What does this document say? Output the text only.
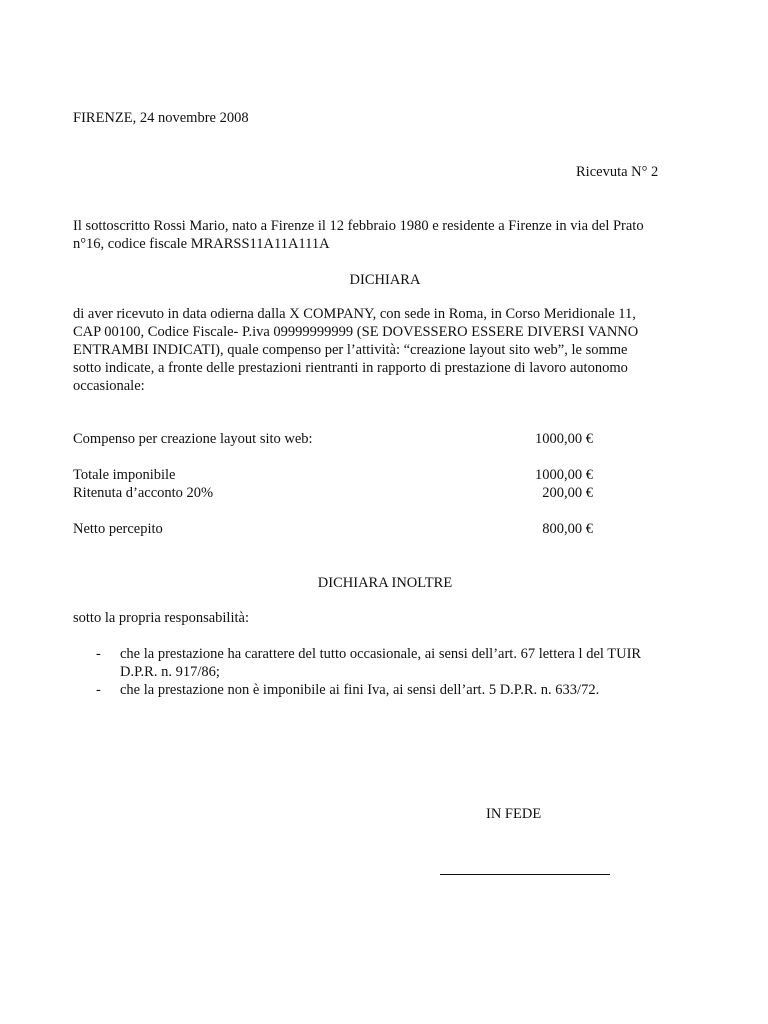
FIRENZE, 24 novembre 2008
Ricevuta N° 2
Il sottoscritto Rossi Mario, nato a Firenze il 12 febbraio 1980 e residente a Firenze in via del Prato
n°16, codice fiscale MRARSS11A11A111A
DICHIARA
di aver ricevuto in data odierna dalla X COMPANY, con sede in Roma, in Corso Meridionale 11,
CAP 00100, Codice Fiscale- P.iva 09999999999 (SE DOVESSERO ESSERE DIVERSI VANNO
ENTRAMBI INDICATI), quale compenso per l’attività: “creazione layout sito web”, le somme
sotto indicate, a fronte delle prestazioni rientranti in rapporto di prestazione di lavoro autonomo
occasionale:
Compenso per creazione layout sito web:	1000,00 €
Totale imponibile	1000,00 €
Ritenuta d’acconto 20%	200,00 €
Netto percepito	800,00 €
DICHIARA INOLTRE
sotto la propria responsabilità:
- che la prestazione ha carattere del tutto occasionale, ai sensi dell’art. 67 lettera l del TUIR
D.P.R. n. 917/86;
- che la prestazione non è imponibile ai fini Iva, ai sensi dell’art. 5 D.P.R. n. 633/72.
IN FEDE
